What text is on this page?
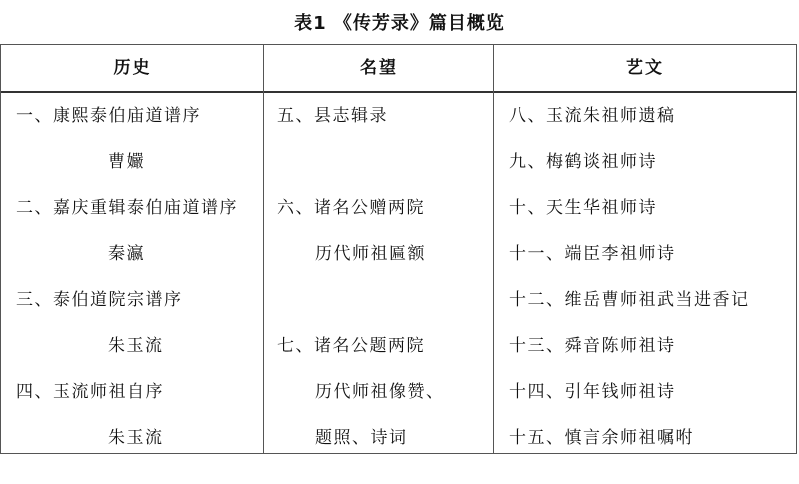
表1 《传芳录》篇目概览
历史	名望	艺文
一、康熙泰伯庙道谱序
曹孍
二、嘉庆重辑泰伯庙道谱序
秦瀛
三、泰伯道院宗谱序
朱玉流
四、玉流师祖自序
朱玉流
五、县志辑录
六、诸名公赠两院
历代师祖匾额
七、诸名公题两院
历代师祖像赞、
题照、诗词
八、玉流朱祖师遗稿
九、梅鹤谈祖师诗
十、天生华祖师诗
十一、端臣李祖师诗
十二、维岳曹师祖武当进香记
十三、舜音陈师祖诗
十四、引年钱师祖诗
十五、慎言余师祖嘱咐
